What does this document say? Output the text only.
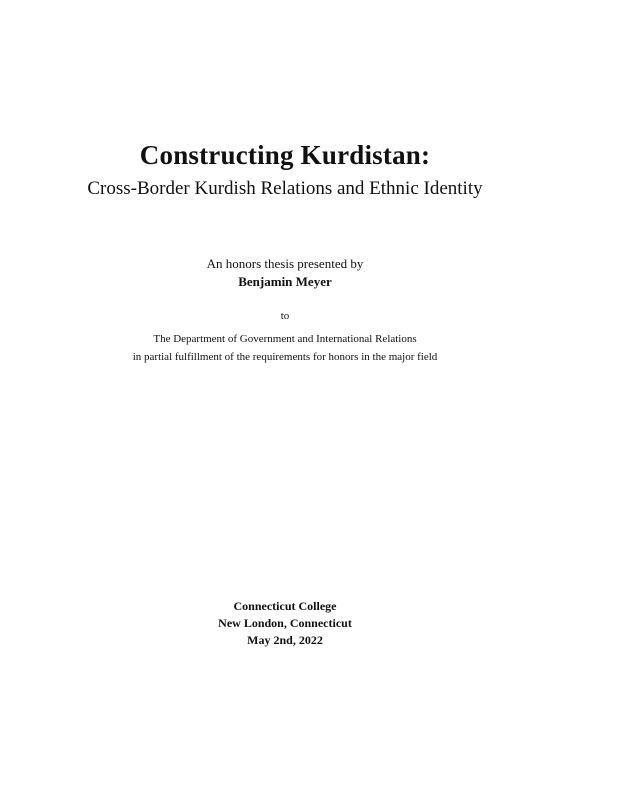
Constructing Kurdistan:
Cross-Border Kurdish Relations and Ethnic Identity
An honors thesis presented by
Benjamin Meyer
to
The Department of Government and International Relations
in partial fulfillment of the requirements for honors in the major field
Connecticut College
New London, Connecticut
May 2nd, 2022
